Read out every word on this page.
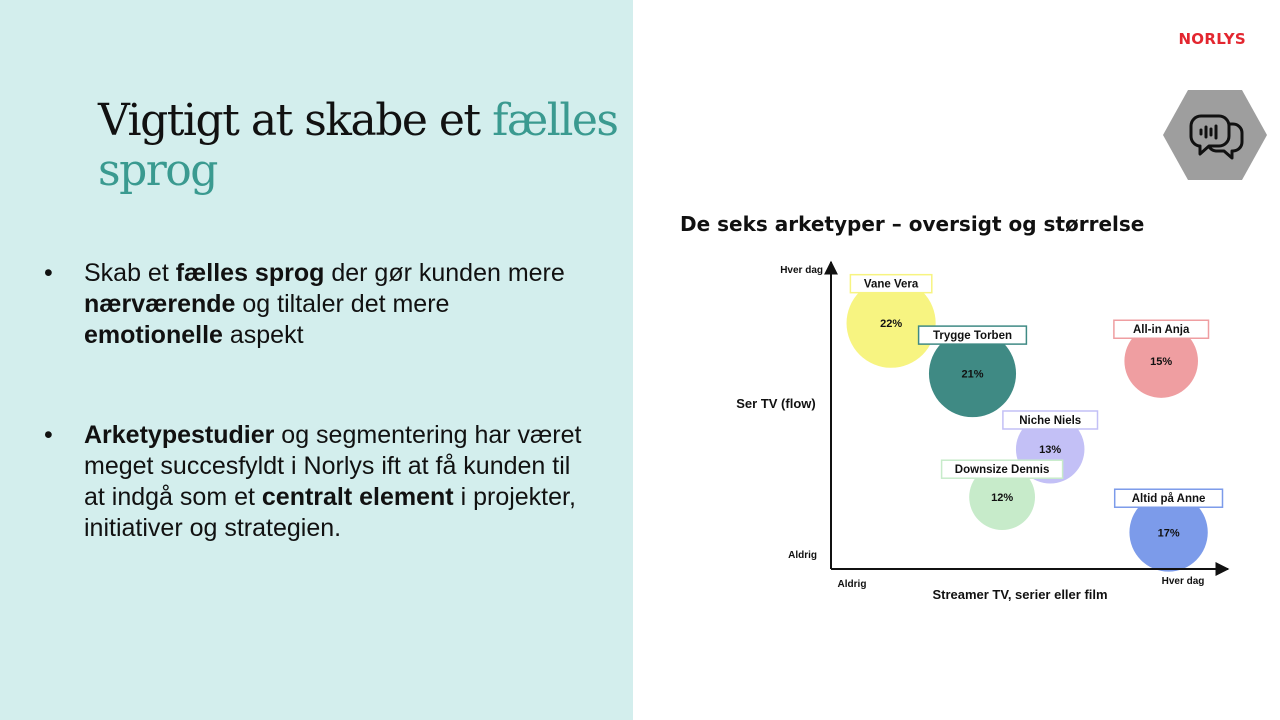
Vigtigt at skabe et fælles sprog
• Skab et fælles sprog der gør kunden mere nærværende og tiltaler det mere emotionelle aspekt
• Arketypestudier og segmentering har været meget succesfyldt i Norlys ift at få kunden til at indgå som et centralt element i projekter, initiativer og strategien.
NORLYS
De seks arketyper – oversigt og størrelse
22%
Vane Vera
21%
Trygge Torben
15%
All-in Anja
13%
Niche Niels
12%
Downsize Dennis
17%
Altid på Anne
Hver dag
Aldrig
Aldrig	Hver dag
Ser TV (flow)
Streamer TV, serier eller film
